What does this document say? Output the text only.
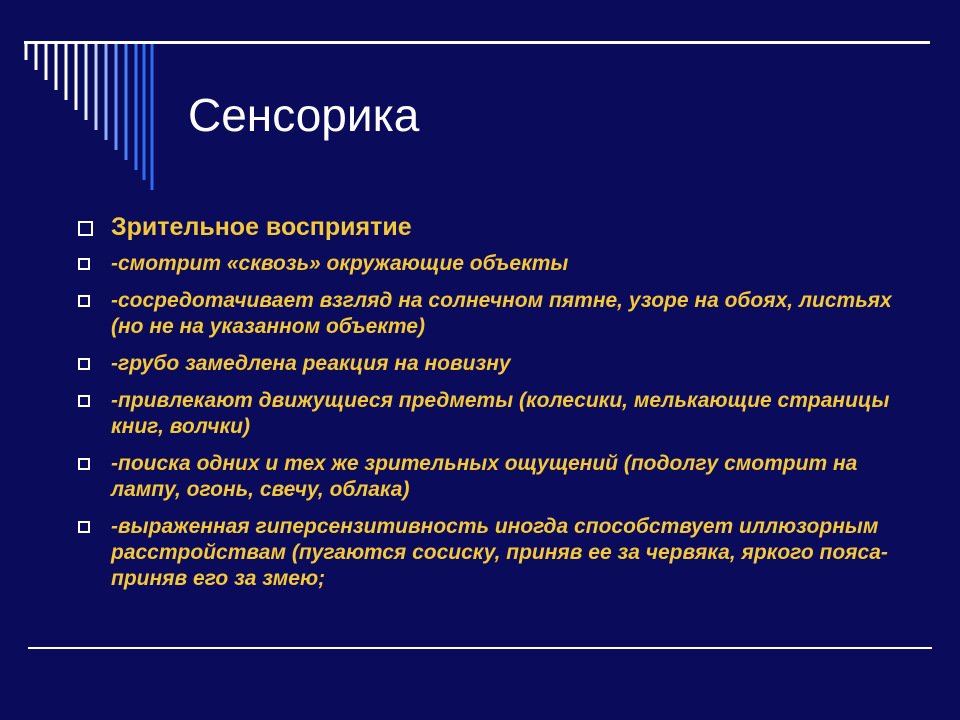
Сенсорика
Зрительное восприятие
-смотрит «сквозь» окружающие объекты
-сосредотачивает взгляд на солнечном пятне, узоре на обоях, листьях (но не на указанном объекте)
-грубо замедлена реакция на новизну
-привлекают движущиеся предметы (колесики, мелькающие страницы книг, волчки)
-поиска одних и тех же зрительных ощущений (подолгу смотрит на лампу, огонь, свечу, облака)
-выраженная гиперсензитивность иногда способствует иллюзорным расстройствам (пугаются сосиску, приняв ее за червяка, яркого пояса- приняв его за змею;
